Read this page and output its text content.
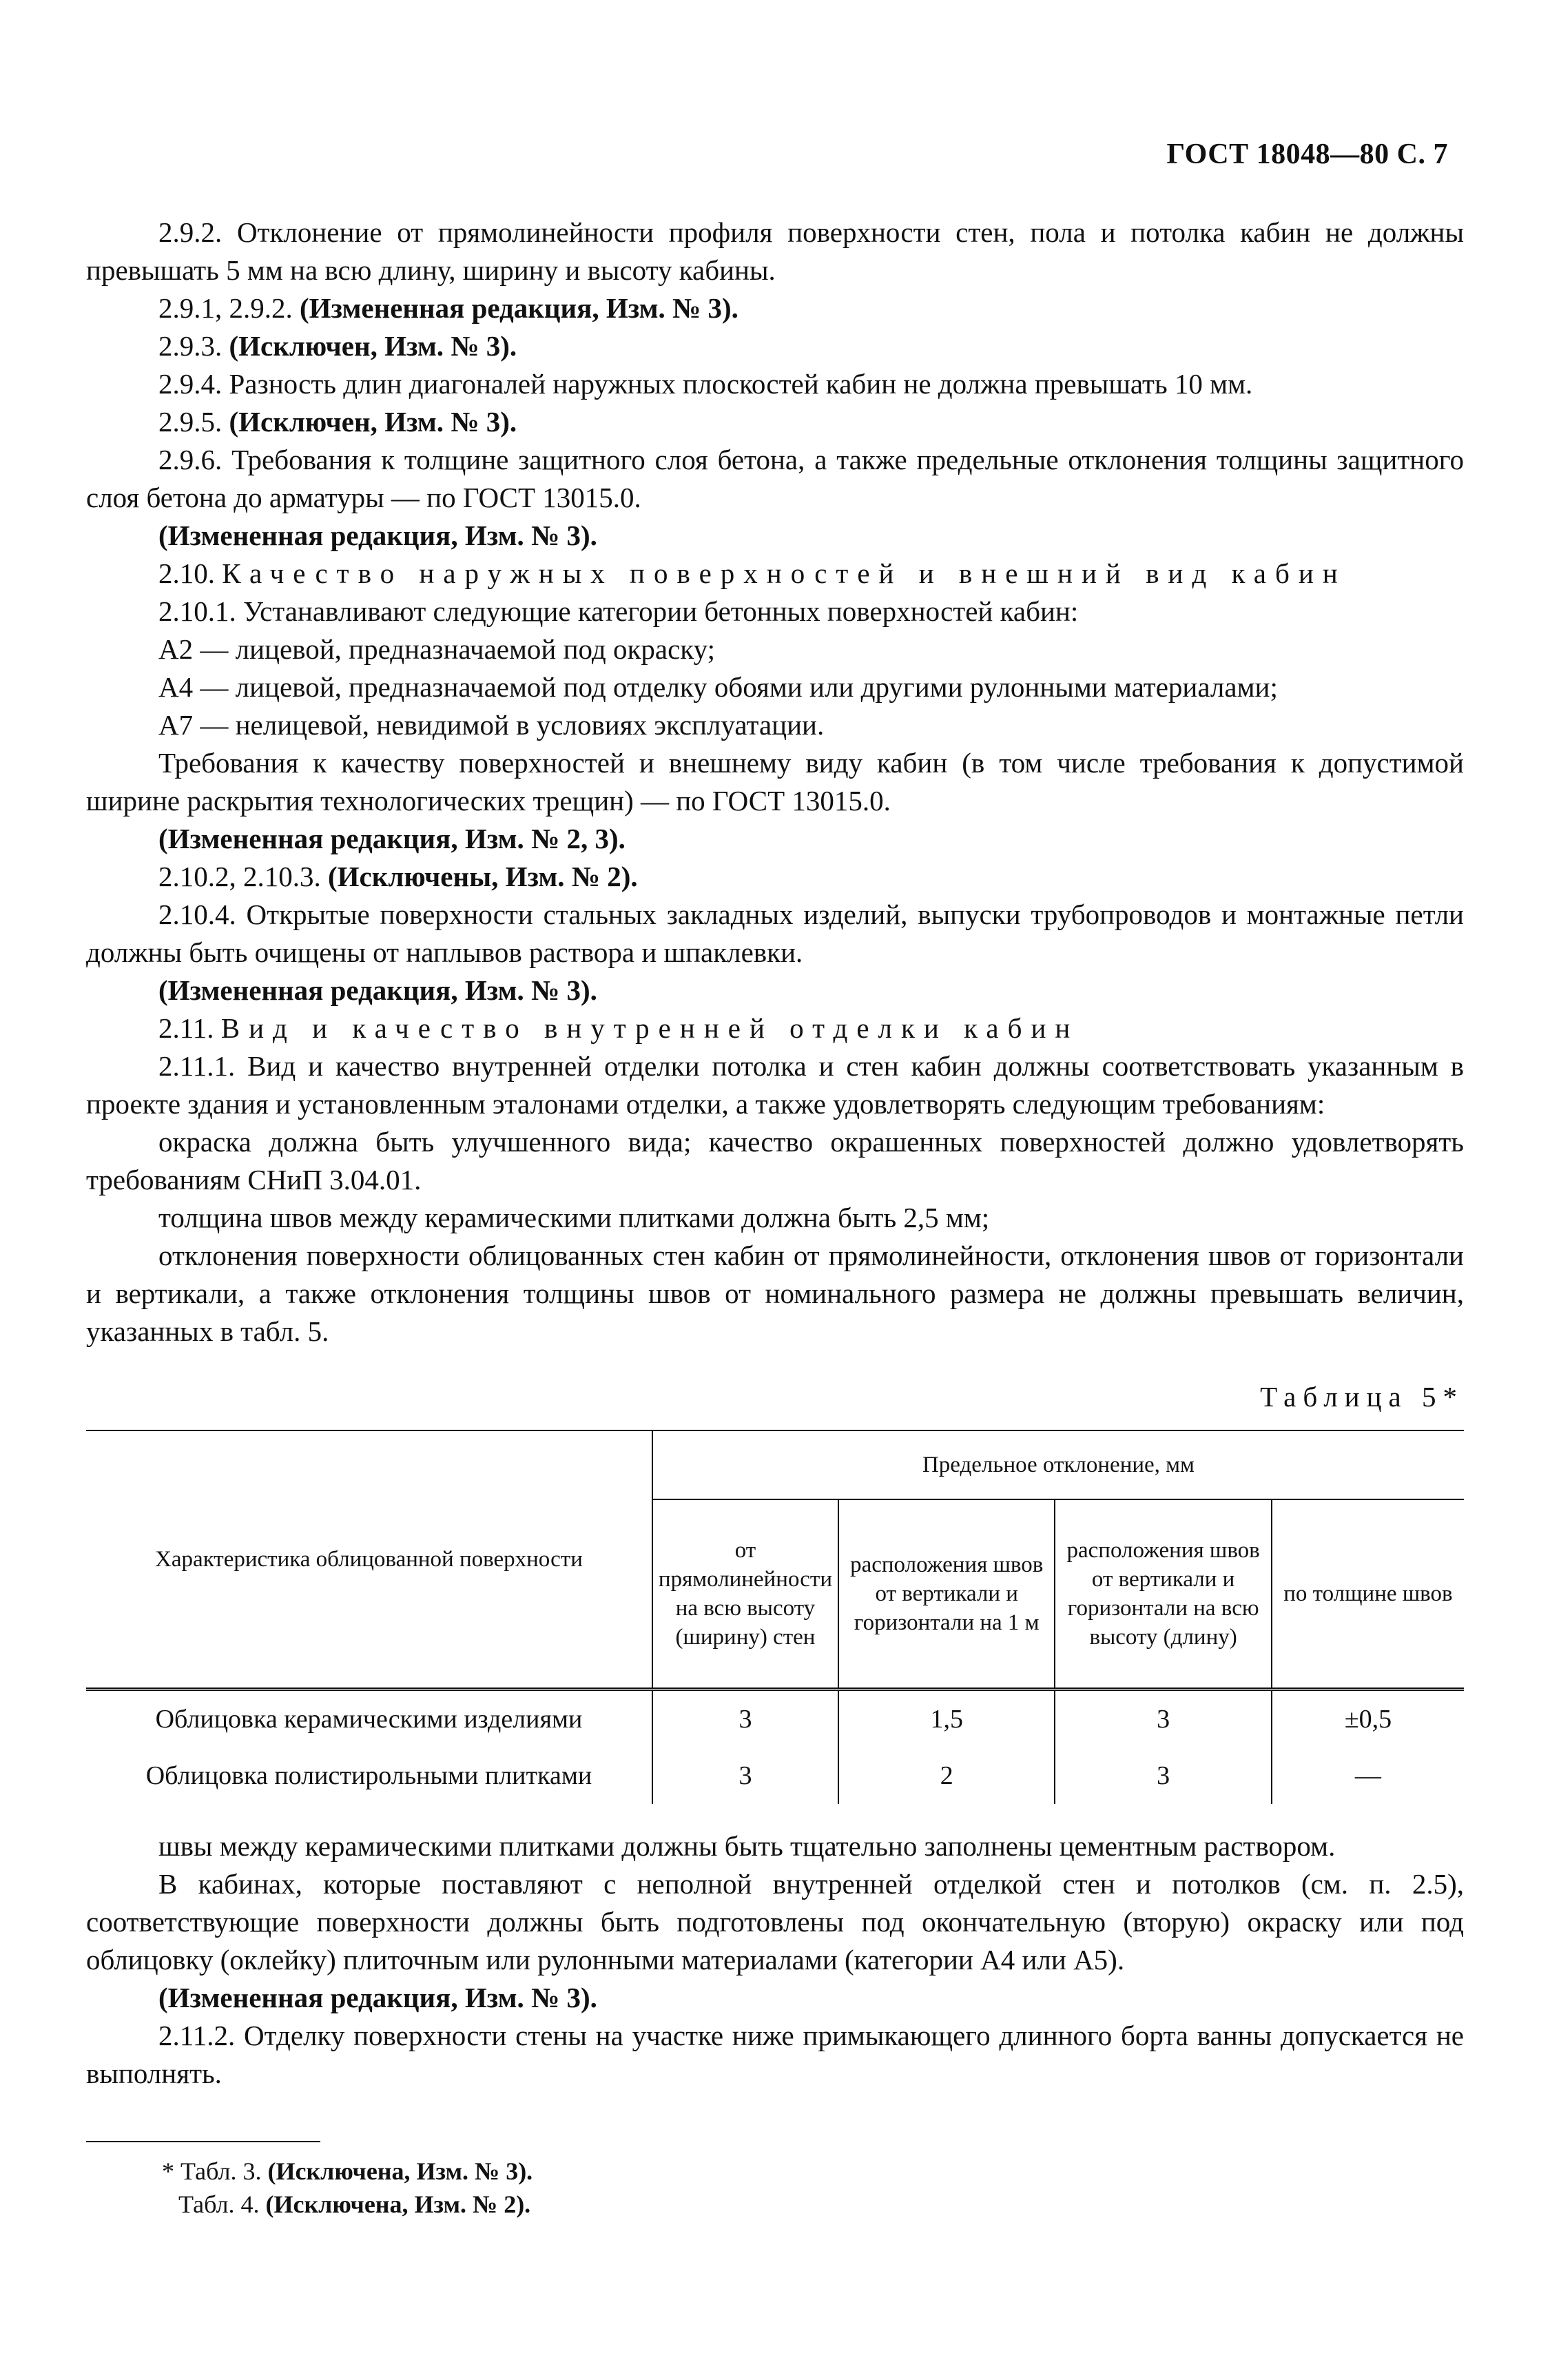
ГОСТ 18048—80 С. 7

2.9.2. Отклонение от прямолинейности профиля поверхности стен, пола и потолка кабин не должны превышать 5 мм на всю длину, ширину и высоту кабины.

2.9.1, 2.9.2. (Измененная редакция, Изм. № 3).

2.9.3. (Исключен, Изм. № 3).

2.9.4. Разность длин диагоналей наружных плоскостей кабин не должна превышать 10 мм.

2.9.5. (Исключен, Изм. № 3).

2.9.6. Требования к толщине защитного слоя бетона, а также предельные отклонения толщины защитного слоя бетона до арматуры — по ГОСТ 13015.0.

(Измененная редакция, Изм. № 3).

2.10. Качество наружных поверхностей и внешний вид кабин

2.10.1. Устанавливают следующие категории бетонных поверхностей кабин:

А2 — лицевой, предназначаемой под окраску;

А4 — лицевой, предназначаемой под отделку обоями или другими рулонными материалами;

А7 — нелицевой, невидимой в условиях эксплуатации.

Требования к качеству поверхностей и внешнему виду кабин (в том числе требования к допустимой ширине раскрытия технологических трещин) — по ГОСТ 13015.0.

(Измененная редакция, Изм. № 2, 3).

2.10.2, 2.10.3. (Исключены, Изм. № 2).

2.10.4. Открытые поверхности стальных закладных изделий, выпуски трубопроводов и монтажные петли должны быть очищены от наплывов раствора и шпаклевки.

(Измененная редакция, Изм. № 3).

2.11. Вид и качество внутренней отделки кабин

2.11.1. Вид и качество внутренней отделки потолка и стен кабин должны соответствовать указанным в проекте здания и установленным эталонами отделки, а также удовлетворять следующим требованиям:

окраска должна быть улучшенного вида; качество окрашенных поверхностей должно удовлетворять требованиям СНиП 3.04.01.

толщина швов между керамическими плитками должна быть 2,5 мм;

отклонения поверхности облицованных стен кабин от прямолинейности, отклонения швов от горизонтали и вертикали, а также отклонения толщины швов от номинального размера не должны превышать величин, указанных в табл. 5.

Таблица 5*
Характеристика облицованной поверхности	Предельное отклонение, мм			
	от прямолинейности на всю высоту (ширину) стен	расположения швов от вертикали и горизонтали на 1 м	расположения швов от вертикали и горизонтали на всю высоту (длину)	по толщине швов
Облицовка керамическими изделиями	3	1,5	3	±0,5
Облицовка полистирольными плитками	3	2	3	—

швы между керамическими плитками должны быть тщательно заполнены цементным раствором.

В кабинах, которые поставляют с неполной внутренней отделкой стен и потолков (см. п. 2.5), соответствующие поверхности должны быть подготовлены под окончательную (вторую) окраску или под облицовку (оклейку) плиточным или рулонными материалами (категории А4 или А5).

(Измененная редакция, Изм. № 3).

2.11.2. Отделку поверхности стены на участке ниже примыкающего длинного борта ванны допускается не выполнять.

* Табл. 3. (Исключена, Изм. № 3).
Табл. 4. (Исключена, Изм. № 2).
